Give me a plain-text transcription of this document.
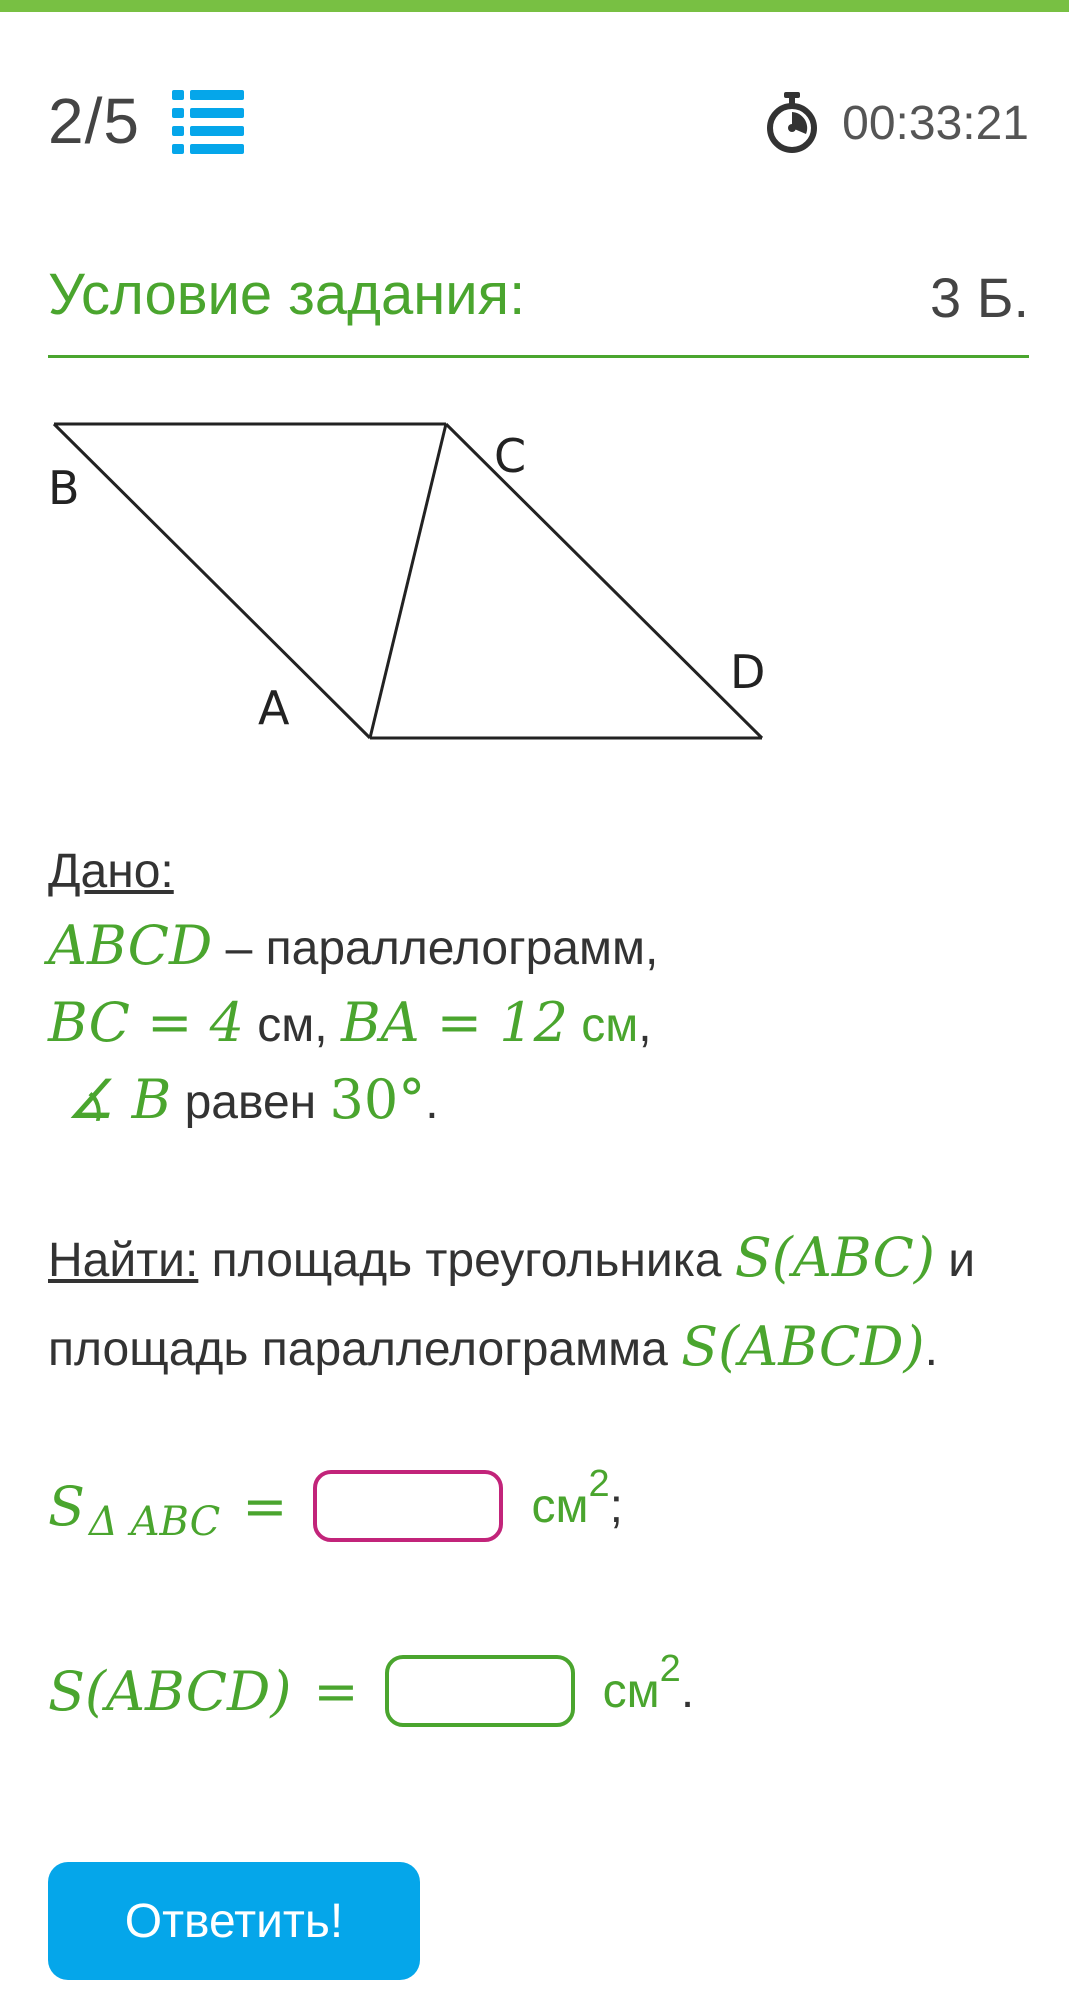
2/5	00:33:21
Условие задания:	3 Б.
B
C
A
D
Дано:
ABCD – параллелограмм,
BC = 4 см, BA = 12 см,
∡ B равен 30°.
Найти: площадь треугольника S(ABC) и площадь параллелограмма S(ABCD).
S Δ ABC =	$см^2$;
S(ABCD) =	$см^2$.
Ответить!
